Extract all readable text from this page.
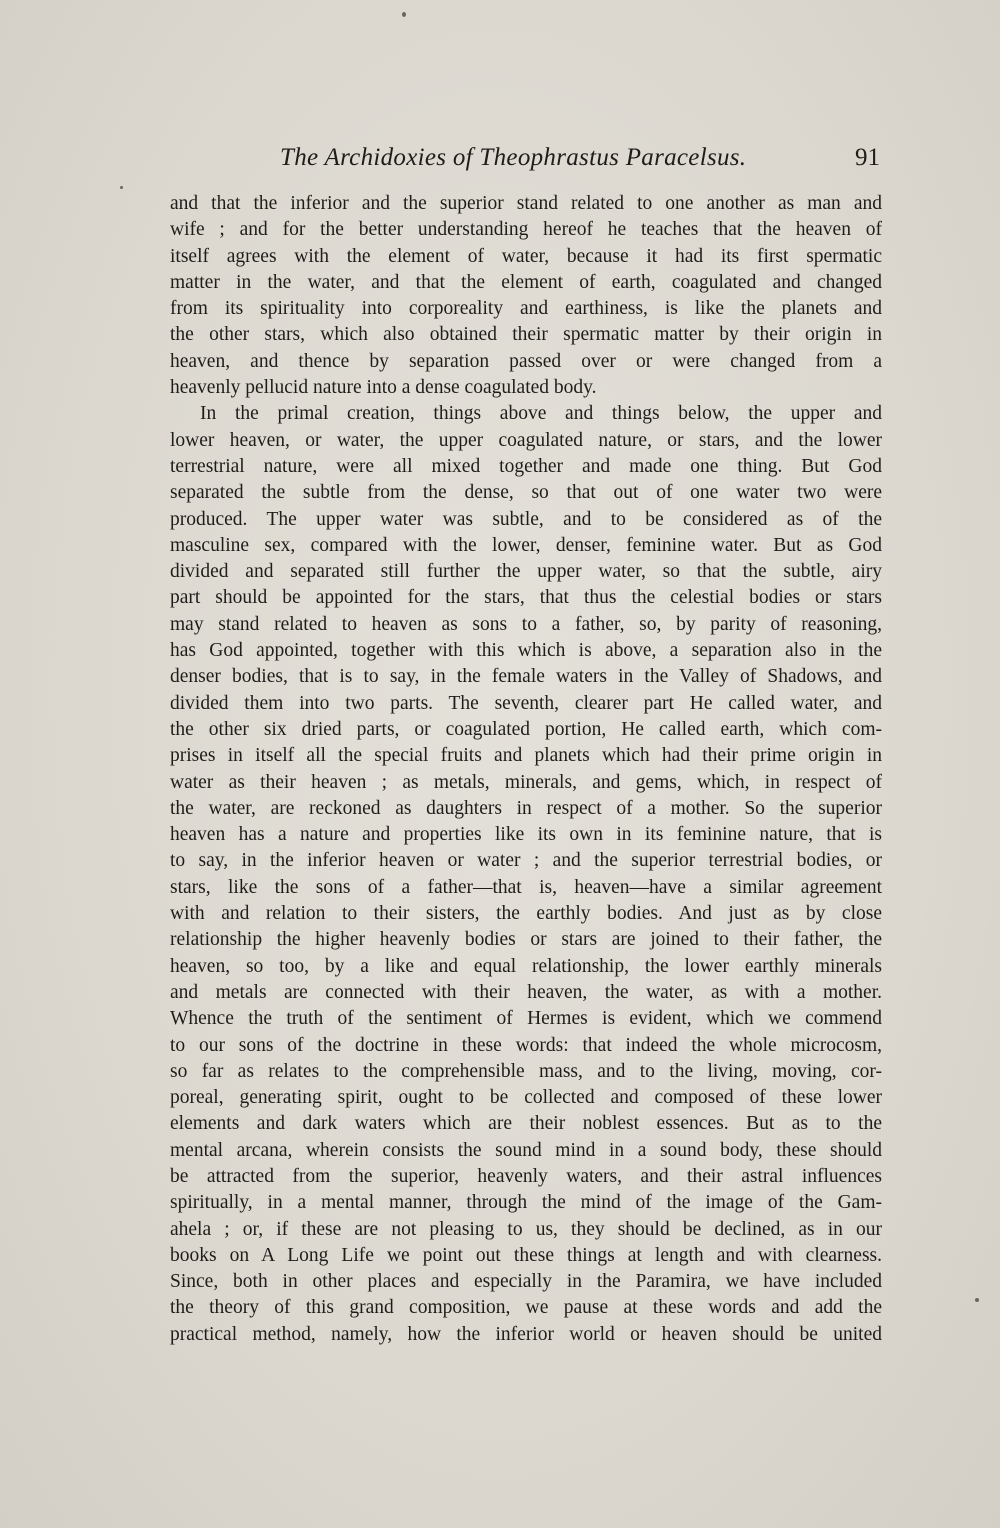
The Archidoxies of Theophrastus Paracelsus.	91
and that the inferior and the superior stand related to one another as man and
wife ; and for the better understanding hereof he teaches that the heaven of
itself agrees with the element of water, because it had its first spermatic
matter in the water, and that the element of earth, coagulated and changed
from its spirituality into corporeality and earthiness, is like the planets and
the other stars, which also obtained their spermatic matter by their origin in
heaven, and thence by separation passed over or were changed from a
heavenly pellucid nature into a dense coagulated body.
In the primal creation, things above and things below, the upper and
lower heaven, or water, the upper coagulated nature, or stars, and the lower
terrestrial nature, were all mixed together and made one thing. But God
separated the subtle from the dense, so that out of one water two were
produced. The upper water was subtle, and to be considered as of the
masculine sex, compared with the lower, denser, feminine water. But as God
divided and separated still further the upper water, so that the subtle, airy
part should be appointed for the stars, that thus the celestial bodies or stars
may stand related to heaven as sons to a father, so, by parity of reasoning,
has God appointed, together with this which is above, a separation also in the
denser bodies, that is to say, in the female waters in the Valley of Shadows, and
divided them into two parts. The seventh, clearer part He called water, and
the other six dried parts, or coagulated portion, He called earth, which com-
prises in itself all the special fruits and planets which had their prime origin in
water as their heaven ; as metals, minerals, and gems, which, in respect of
the water, are reckoned as daughters in respect of a mother. So the superior
heaven has a nature and properties like its own in its feminine nature, that is
to say, in the inferior heaven or water ; and the superior terrestrial bodies, or
stars, like the sons of a father—that is, heaven—have a similar agreement
with and relation to their sisters, the earthly bodies. And just as by close
relationship the higher heavenly bodies or stars are joined to their father, the
heaven, so too, by a like and equal relationship, the lower earthly minerals
and metals are connected with their heaven, the water, as with a mother.
Whence the truth of the sentiment of Hermes is evident, which we commend
to our sons of the doctrine in these words: that indeed the whole microcosm,
so far as relates to the comprehensible mass, and to the living, moving, cor-
poreal, generating spirit, ought to be collected and composed of these lower
elements and dark waters which are their noblest essences. But as to the
mental arcana, wherein consists the sound mind in a sound body, these should
be attracted from the superior, heavenly waters, and their astral influences
spiritually, in a mental manner, through the mind of the image of the Gam-
ahela ; or, if these are not pleasing to us, they should be declined, as in our
books on A Long Life we point out these things at length and with clearness.
Since, both in other places and especially in the Paramira, we have included
the theory of this grand composition, we pause at these words and add the
practical method, namely, how the inferior world or heaven should be united
